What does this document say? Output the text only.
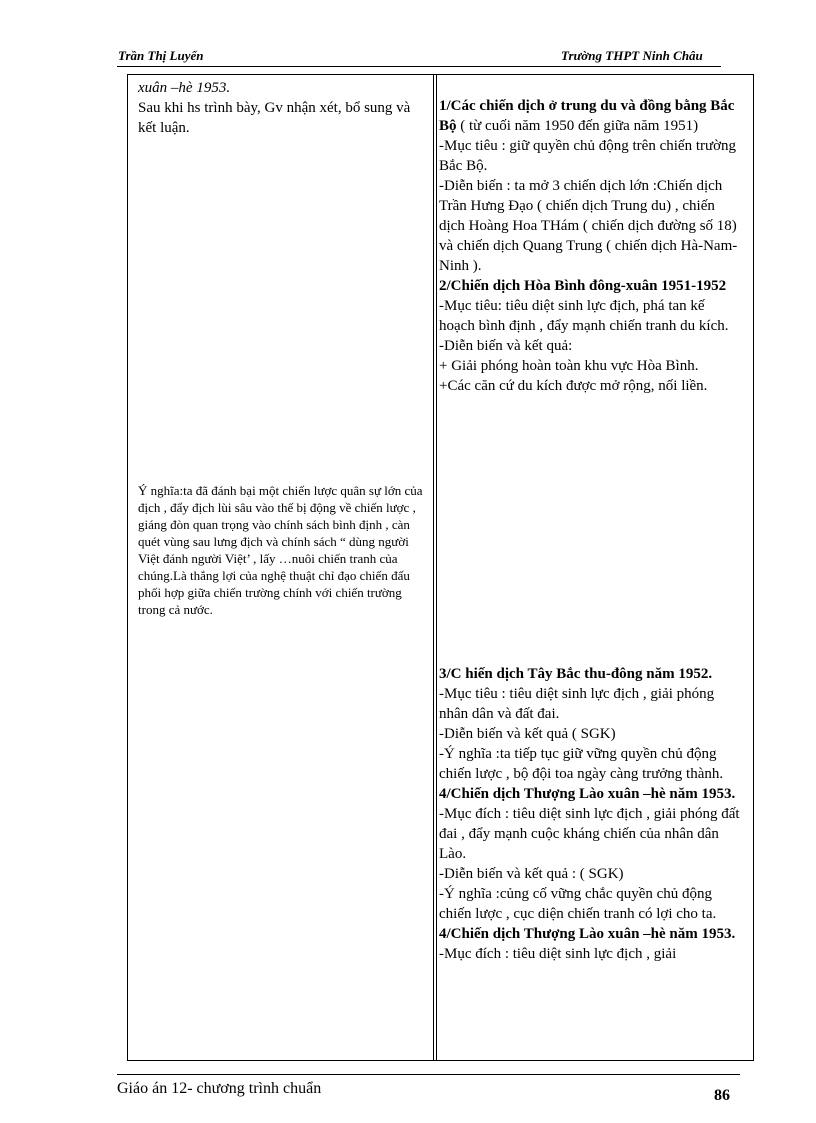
Trần Thị Luyến	Trường THPT Ninh Châu

xuân –hè 1953.

Sau khi hs trình bày, Gv nhận xét, bổ sung và kết luận.

Ý nghĩa:ta đã đánh bại một chiến lược quân sự lớn của địch , đẩy địch lùi sâu vào thế bị động về chiến lược , giáng đòn quan trọng vào chính sách bình định , càn quét vùng sau lưng địch và chính sách “ dùng người Việt đánh người Việt’ , lấy …nuôi chiến tranh của chúng.Là thắng lợi của nghệ thuật chỉ đạo chiến đấu phối hợp giữa chiến trường chính với chiến trường trong cả nước.

1/Các chiến dịch ở trung du và đồng bằng Bắc Bộ ( từ cuối năm 1950 đến giữa năm 1951)

-Mục tiêu : giữ quyền chủ động trên chiến trường Bắc Bộ.

-Diễn biến : ta mở 3 chiến dịch lớn :Chiến dịch Trần Hưng Đạo ( chiến dịch Trung du) , chiến dịch Hoàng Hoa THám ( chiến dịch đường số 18) và chiến dịch Quang Trung ( chiến dịch Hà-Nam-Ninh ).

2/Chiến dịch Hòa Bình đông-xuân 1951-1952

-Mục tiêu: tiêu diệt sinh lực địch, phá tan kế hoạch bình định , đẩy mạnh chiến tranh du kích.

-Diễn biến và kết quả:

+ Giải phóng hoàn toàn khu vực Hòa Bình.

+Các căn cứ du kích được mở rộng, nối liền.

3/C hiến dịch Tây Bắc thu-đông năm 1952.

-Mục tiêu : tiêu diệt sinh lực địch , giải phóng nhân dân và đất đai.

-Diễn biến và kết quả ( SGK)

-Ý nghĩa :ta tiếp tục giữ vững quyền chủ động chiến lược , bộ đội toa ngày càng trưởng thành.

4/Chiến dịch Thượng Lào xuân –hè năm 1953.

-Mục đích : tiêu diệt sinh lực địch , giải phóng đất đai , đẩy mạnh cuộc kháng chiến của nhân dân Lào.

-Diễn biến và kết quả : ( SGK)

-Ý nghĩa :củng cố vững chắc quyền chủ động chiến lược , cục diện chiến tranh có lợi cho ta.

4/Chiến dịch Thượng Lào xuân –hè năm 1953.

-Mục đích : tiêu diệt sinh lực địch , giải

Giáo án 12- chương trình chuẩn	86
